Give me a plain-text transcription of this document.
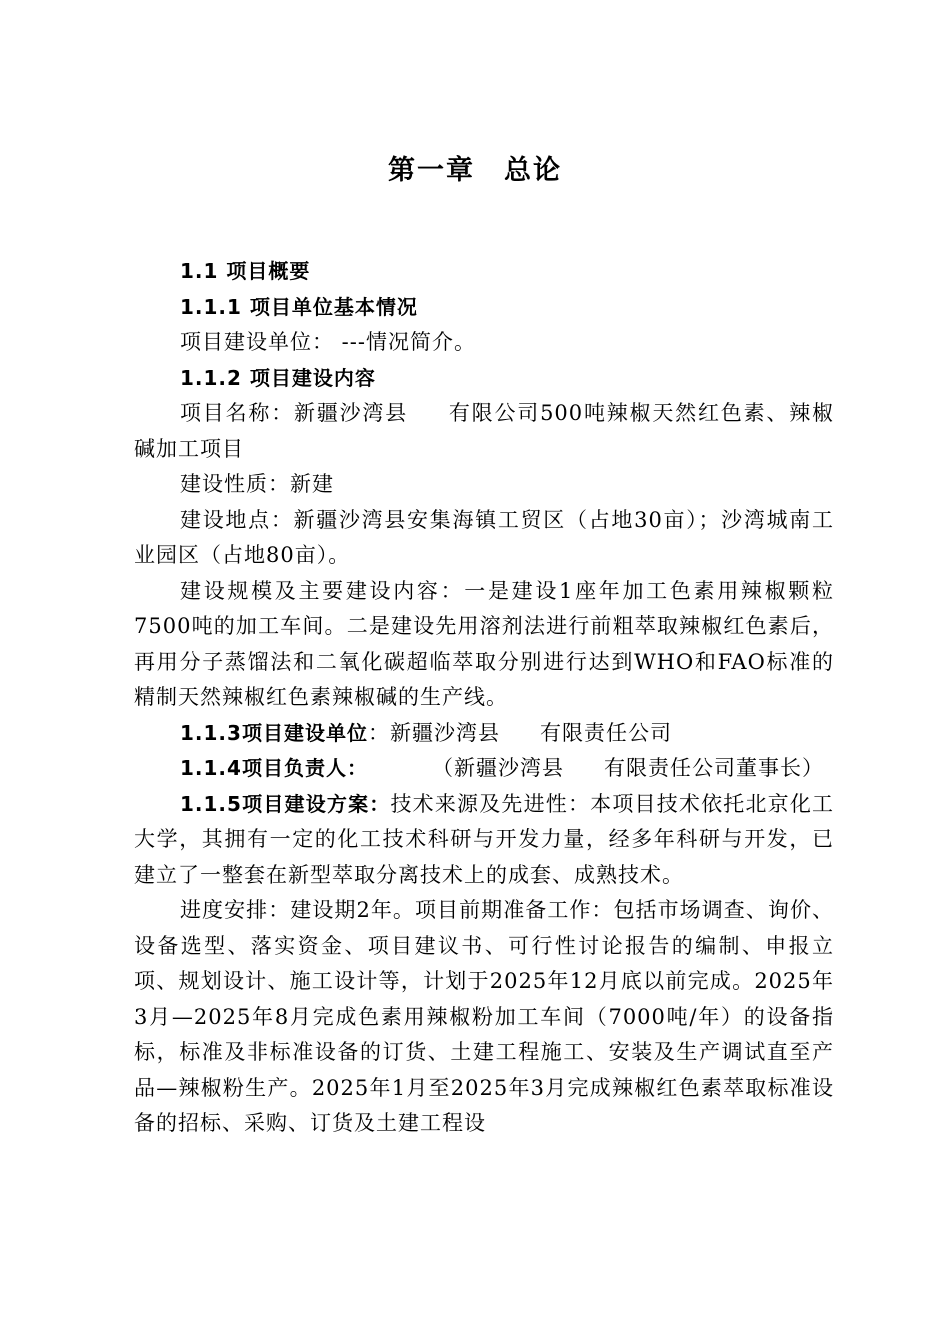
第一章　总论

1.1 项目概要

1.1.1 项目单位基本情况

项目建设单位： ---情况简介。

1.1.2 项目建设内容

项目名称：新疆沙湾县 有限公司500吨辣椒天然红色素、辣椒碱加工项目

建设性质：新建

建设地点：新疆沙湾县安集海镇工贸区（占地30亩）；沙湾城南工业园区（占地80亩）。

建设规模及主要建设内容：一是建设1座年加工色素用辣椒颗粒7500吨的加工车间。二是建设先用溶剂法进行前粗萃取辣椒红色素后，再用分子蒸馏法和二氧化碳超临萃取分别进行达到WHO和FAO标准的精制天然辣椒红色素辣椒碱的生产线。

1.1.3项目建设单位：新疆沙湾县 有限责任公司

1.1.4项目负责人：	（新疆沙湾县 有限责任公司董事长）

1.1.5项目建设方案：技术来源及先进性：本项目技术依托北京化工大学，其拥有一定的化工技术科研与开发力量，经多年科研与开发，已建立了一整套在新型萃取分离技术上的成套、成熟技术。

进度安排：建设期2年。项目前期准备工作：包括市场调查、询价、设备选型、落实资金、项目建议书、可行性讨论报告的编制、申报立项、规划设计、施工设计等，计划于2025年12月底以前完成。2025年3月—2025年8月完成色素用辣椒粉加工车间（7000吨/年）的设备指标，标准及非标准设备的订货、土建工程施工、安装及生产调试直至产品—辣椒粉生产。2025年1月至2025年3月完成辣椒红色素萃取标准设备的招标、采购、订货及土建工程设
